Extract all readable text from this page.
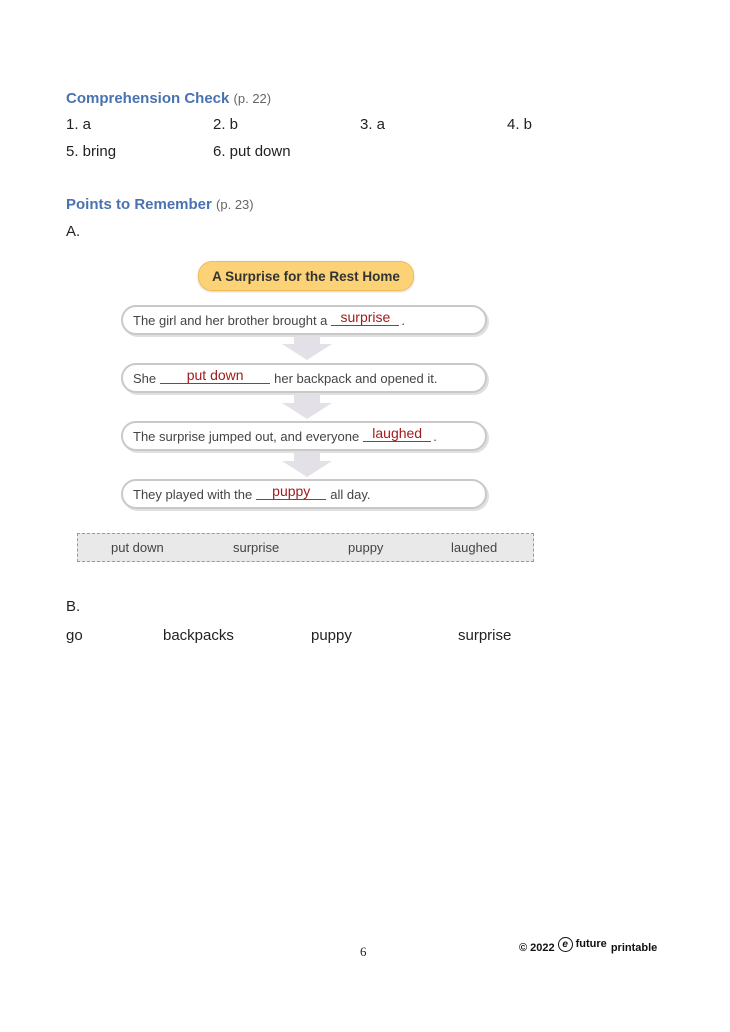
Comprehension Check (p. 22)
1. a	2. b	3. a	4. b
5. bring	6. put down
Points to Remember (p. 23)
A.
A Surprise for the Rest Home
The girl and her brother brought a surprise .
She	put down	her backpack and opened it.
The surprise jumped out, and everyone laughed .
They played with the	puppy	all day.
put down	surprise	puppy	laughed
B.
go	backpacks	puppy	surprise
6	© 2022 e future printable
